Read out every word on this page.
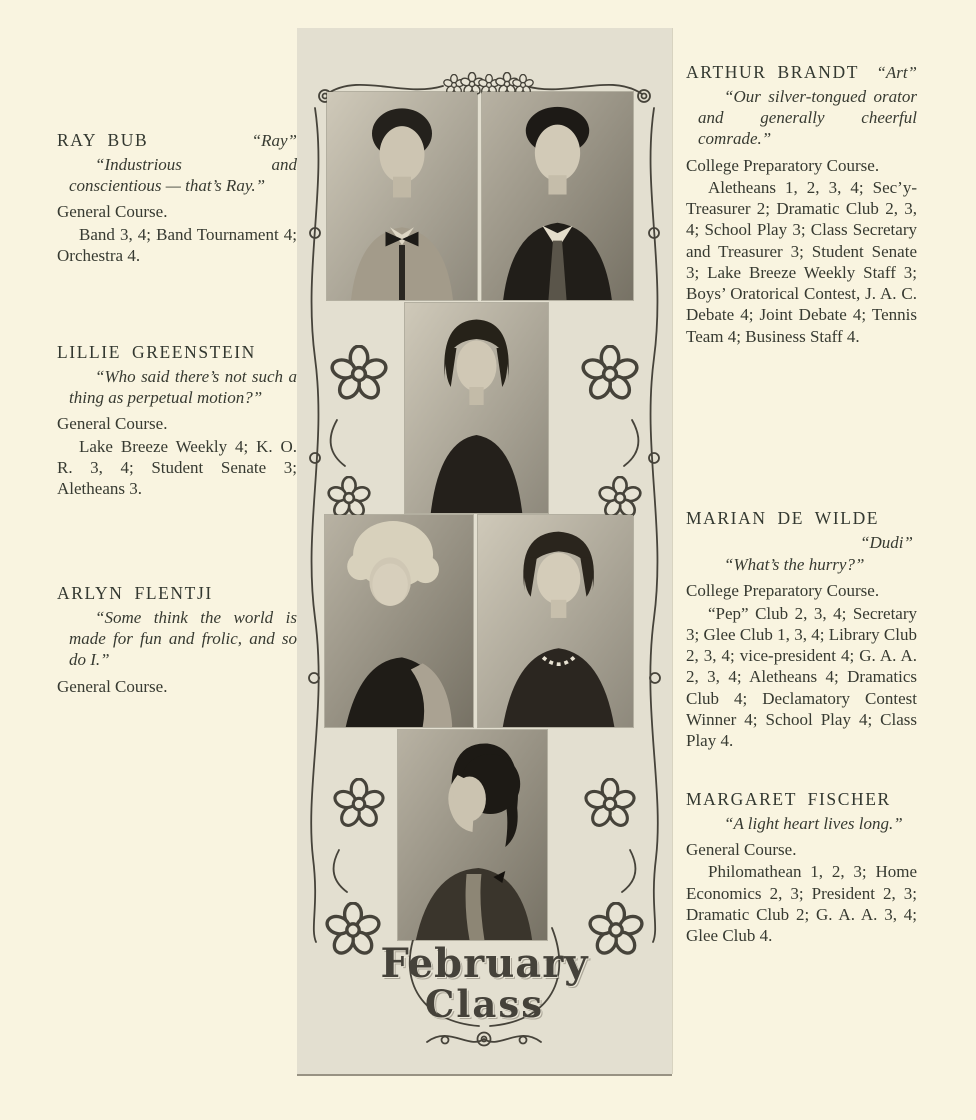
RAY BUB	“Ray”

“Industrious and conscientious — that’s Ray.”

General Course.

Band 3, 4; Band Tournament 4; Orchestra 4.

LILLIE GREENSTEIN

“Who said there’s not such a thing as perpetual motion?”

General Course.

Lake Breeze Weekly 4; K. O. R. 3, 4; Student Senate 3; Aletheans 3.

ARLYN FLENTJI

“Some think the world is made for fun and frolic, and so do I.”

General Course.

ARTHUR BRANDT “Art”

“Our silver-tongued orator and generally cheerful comrade.”

College Preparatory Course.

Aletheans 1, 2, 3, 4; Sec’y-Treasurer 2; Dramatic Club 2, 3, 4; School Play 3; Class Secretary and Treasurer 3; Student Senate 3; Lake Breeze Weekly Staff 3; Boys’ Oratorical Contest, J. A. C. Debate 4; Joint Debate 4; Tennis Team 4; Business Staff 4.

MARIAN DE WILDE
“Dudi”

“What’s the hurry?”

College Preparatory Course.

“Pep” Club 2, 3, 4; Secretary 3; Glee Club 1, 3, 4; Library Club 2, 3, 4; vice-president 4; G. A. A. 2, 3, 4; Aletheans 4; Dramatics Club 4; Declamatory Contest Winner 4; School Play 4; Class Play 4.

MARGARET FISCHER

“A light heart lives long.”

General Course.

Philomathean 1, 2, 3; Home Economics 2, 3; President 2, 3; Dramatic Club 2; G. A. A. 3, 4; Glee Club 4.

February
Class
